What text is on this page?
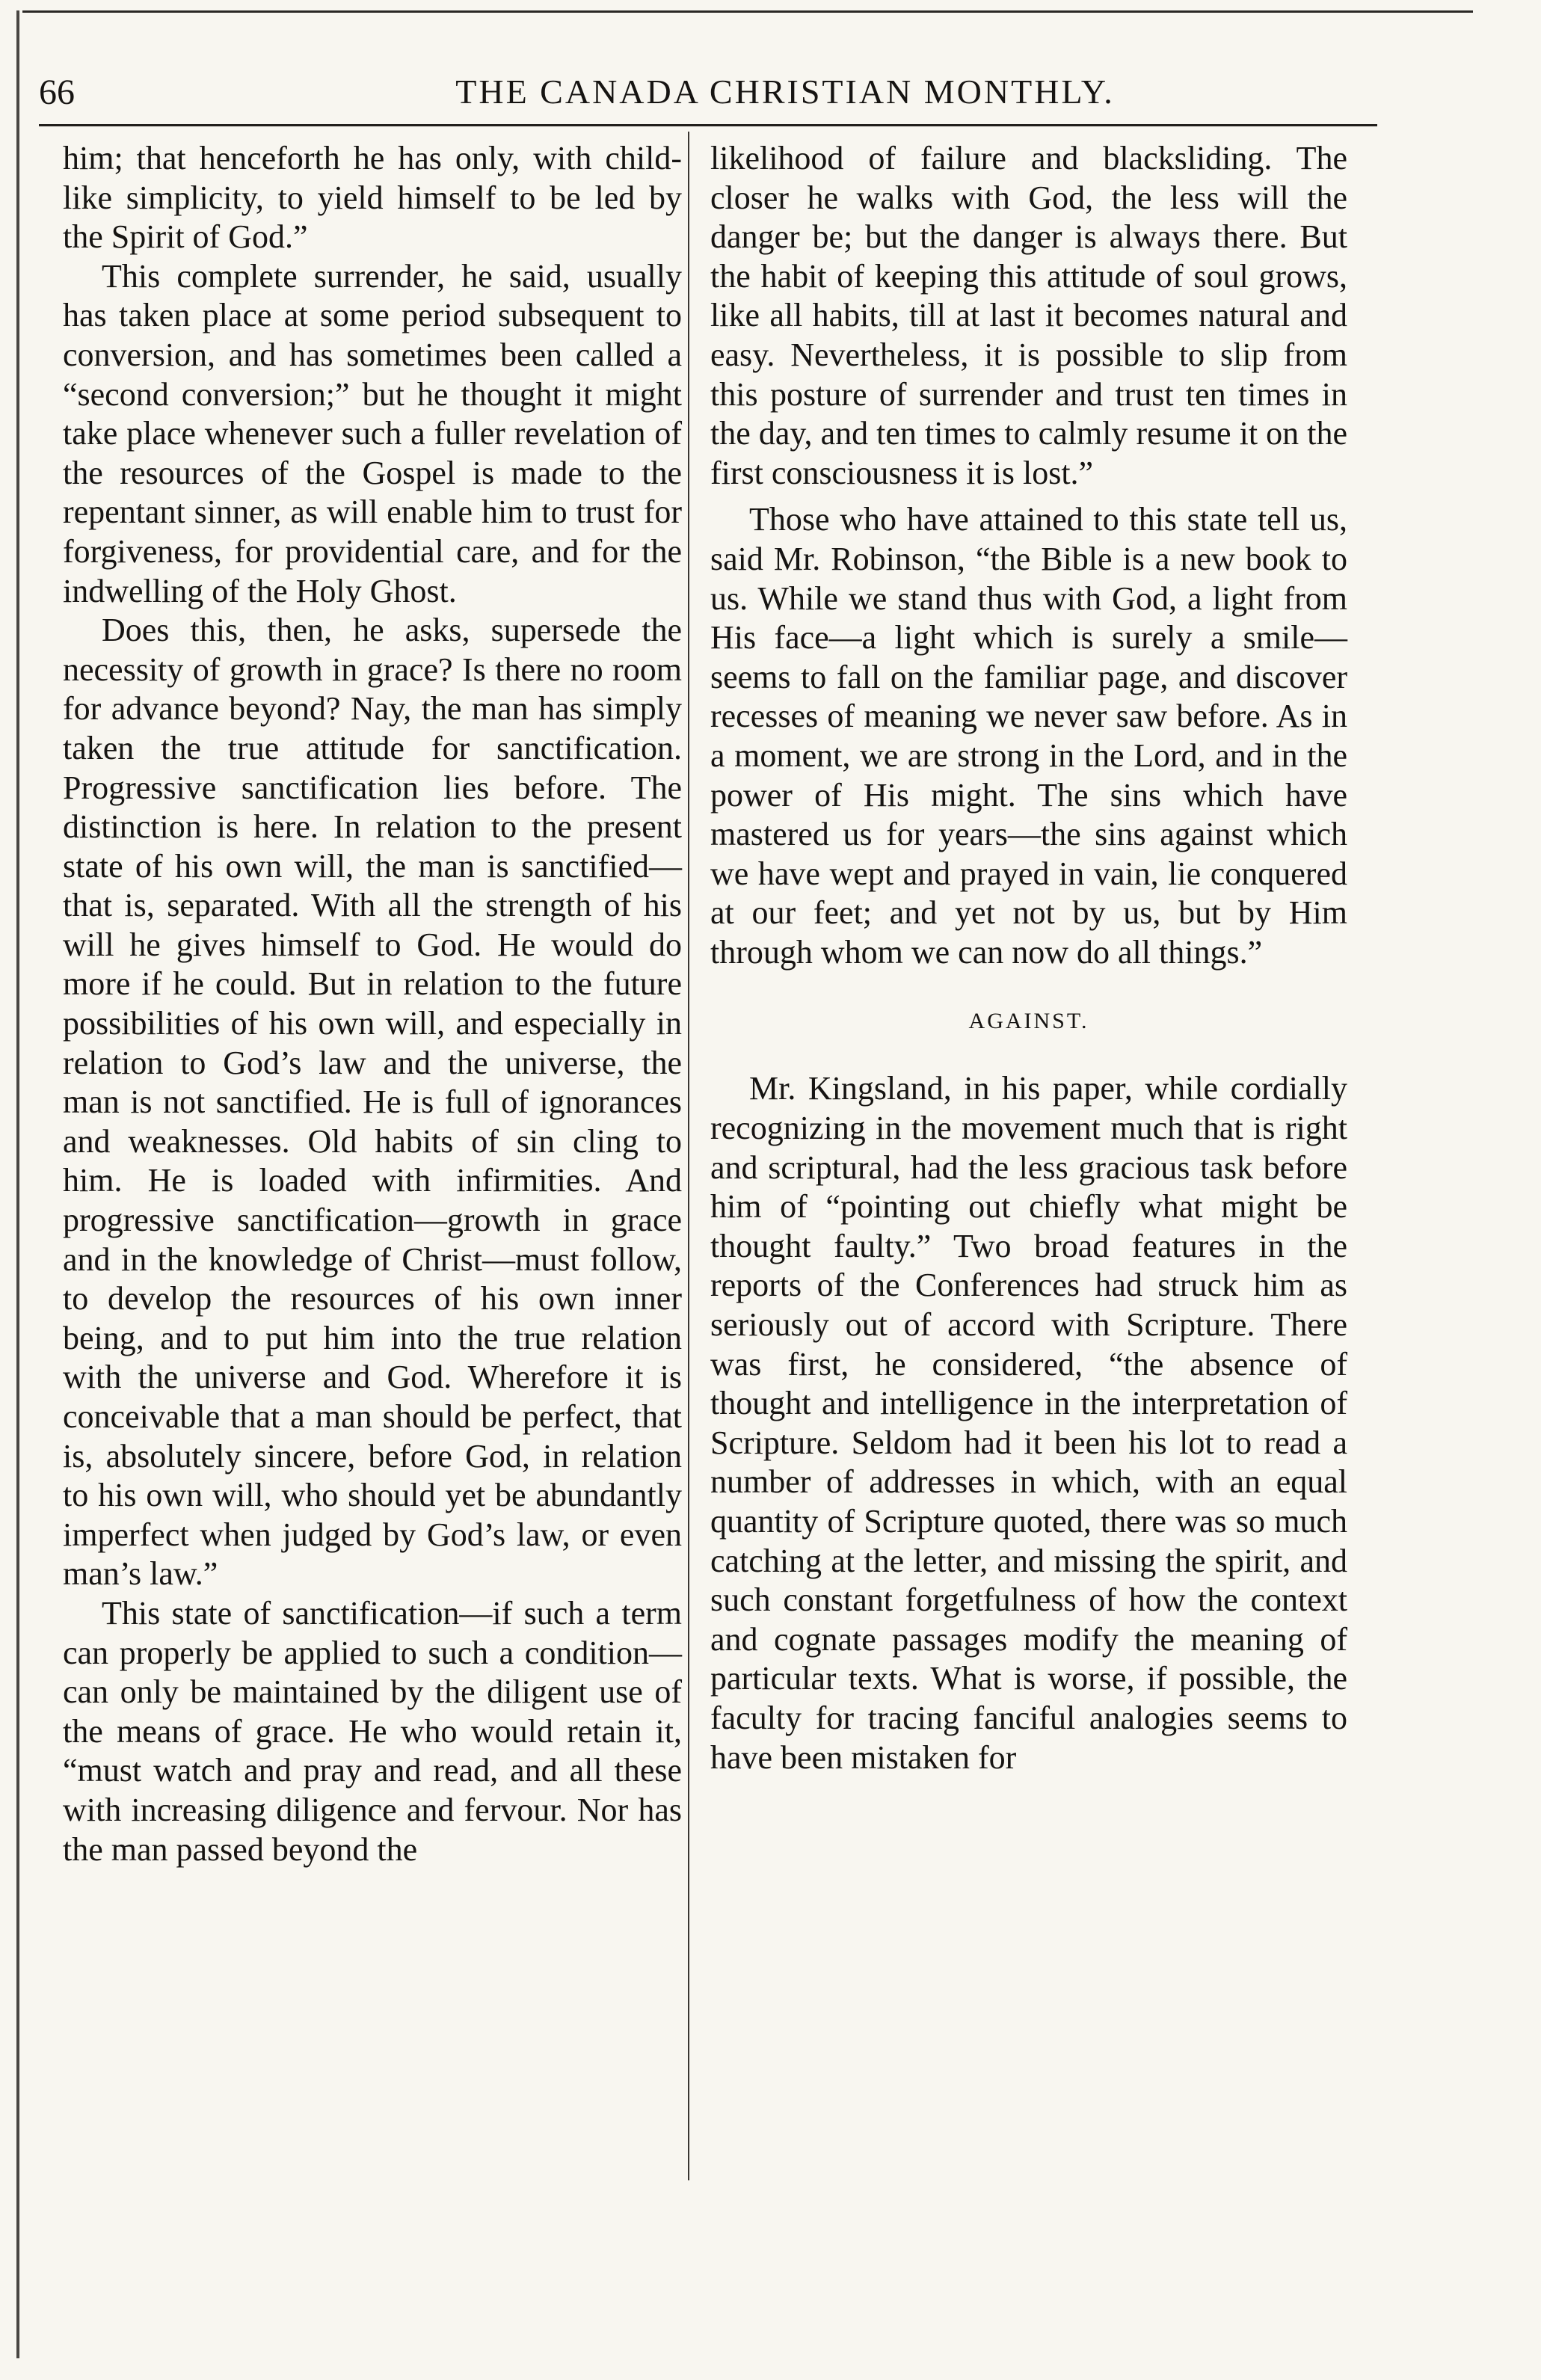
66	THE CANADA CHRISTIAN MONTHLY.

him; that henceforth he has only, with child-like simplicity, to yield himself to be led by the Spirit of God.”

This complete surrender, he said, usually has taken place at some period subsequent to conversion, and has sometimes been called a “second conversion;” but he thought it might take place whenever such a fuller revelation of the resources of the Gospel is made to the repentant sinner, as will enable him to trust for forgiveness, for providential care, and for the indwelling of the Holy Ghost.

Does this, then, he asks, supersede the necessity of growth in grace? Is there no room for advance beyond? Nay, the man has simply taken the true attitude for sanctification. Progressive sanctification lies before. The distinction is here. In relation to the present state of his own will, the man is sanctified—that is, separated. With all the strength of his will he gives himself to God. He would do more if he could. But in relation to the future possibilities of his own will, and especially in relation to God’s law and the universe, the man is not sanctified. He is full of ignorances and weaknesses. Old habits of sin cling to him. He is loaded with infirmities. And progressive sanctification—growth in grace and in the knowledge of Christ—must follow, to develop the resources of his own inner being, and to put him into the true relation with the universe and God. Wherefore it is conceivable that a man should be perfect, that is, absolutely sincere, before God, in relation to his own will, who should yet be abundantly imperfect when judged by God’s law, or even man’s law.”

This state of sanctification—if such a term can properly be applied to such a condition—can only be maintained by the diligent use of the means of grace. He who would retain it, “must watch and pray and read, and all these with increasing diligence and fervour. Nor has the man passed beyond the

likelihood of failure and blacksliding. The closer he walks with God, the less will the danger be; but the danger is always there. But the habit of keeping this attitude of soul grows, like all habits, till at last it becomes natural and easy. Nevertheless, it is possible to slip from this posture of surrender and trust ten times in the day, and ten times to calmly resume it on the first consciousness it is lost.”

Those who have attained to this state tell us, said Mr. Robinson, “the Bible is a new book to us. While we stand thus with God, a light from His face—a light which is surely a smile—seems to fall on the familiar page, and discover recesses of meaning we never saw before. As in a moment, we are strong in the Lord, and in the power of His might. The sins which have mastered us for years—the sins against which we have wept and prayed in vain, lie conquered at our feet; and yet not by us, but by Him through whom we can now do all things.”

AGAINST.

Mr. Kingsland, in his paper, while cordially recognizing in the movement much that is right and scriptural, had the less gracious task before him of “pointing out chiefly what might be thought faulty.” Two broad features in the reports of the Conferences had struck him as seriously out of accord with Scripture. There was first, he considered, “the absence of thought and intelligence in the interpretation of Scripture. Seldom had it been his lot to read a number of addresses in which, with an equal quantity of Scripture quoted, there was so much catching at the letter, and missing the spirit, and such constant forgetfulness of how the context and cognate passages modify the meaning of particular texts. What is worse, if possible, the faculty for tracing fanciful analogies seems to have been mistaken for
